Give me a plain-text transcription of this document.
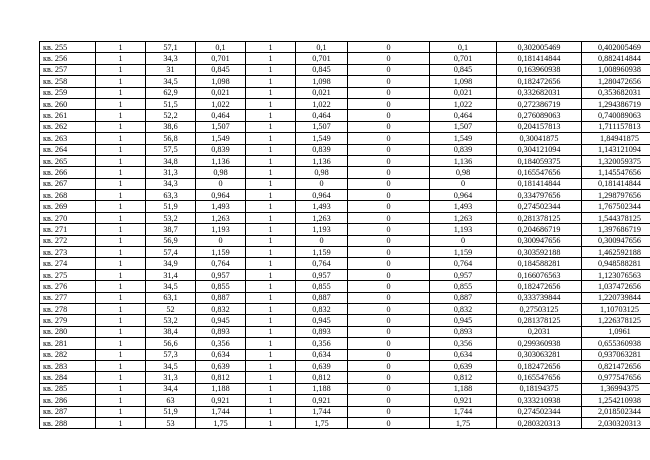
кв. 255	1	57,1	0,1	1	0,1	0	0,1	0,302005469	0,402005469
кв. 256	1	34,3	0,701	1	0,701	0	0,701	0,181414844	0,882414844
кв. 257	1	31	0,845	1	0,845	0	0,845	0,163960938	1,008960938
кв. 258	1	34,5	1,098	1	1,098	0	1,098	0,182472656	1,280472656
кв. 259	1	62,9	0,021	1	0,021	0	0,021	0,332682031	0,353682031
кв. 260	1	51,5	1,022	1	1,022	0	1,022	0,272386719	1,294386719
кв. 261	1	52,2	0,464	1	0,464	0	0,464	0,276089063	0,740089063
кв. 262	1	38,6	1,507	1	1,507	0	1,507	0,204157813	1,711157813
кв. 263	1	56,8	1,549	1	1,549	0	1,549	0,30041875	1,84941875
кв. 264	1	57,5	0,839	1	0,839	0	0,839	0,304121094	1,143121094
кв. 265	1	34,8	1,136	1	1,136	0	1,136	0,184059375	1,320059375
кв. 266	1	31,3	0,98	1	0,98	0	0,98	0,165547656	1,145547656
кв. 267	1	34,3	0	1	0	0	0	0,181414844	0,181414844
кв. 268	1	63,3	0,964	1	0,964	0	0,964	0,334797656	1,298797656
кв. 269	1	51,9	1,493	1	1,493	0	1,493	0,274502344	1,767502344
кв. 270	1	53,2	1,263	1	1,263	0	1,263	0,281378125	1,544378125
кв. 271	1	38,7	1,193	1	1,193	0	1,193	0,204686719	1,397686719
кв. 272	1	56,9	0	1	0	0	0	0,300947656	0,300947656
кв. 273	1	57,4	1,159	1	1,159	0	1,159	0,303592188	1,462592188
кв. 274	1	34,9	0,764	1	0,764	0	0,764	0,184588281	0,948588281
кв. 275	1	31,4	0,957	1	0,957	0	0,957	0,166076563	1,123076563
кв. 276	1	34,5	0,855	1	0,855	0	0,855	0,182472656	1,037472656
кв. 277	1	63,1	0,887	1	0,887	0	0,887	0,333739844	1,220739844
кв. 278	1	52	0,832	1	0,832	0	0,832	0,27503125	1,10703125
кв. 279	1	53,2	0,945	1	0,945	0	0,945	0,281378125	1,226378125
кв. 280	1	38,4	0,893	1	0,893	0	0,893	0,2031	1,0961
кв. 281	1	56,6	0,356	1	0,356	0	0,356	0,299360938	0,655360938
кв. 282	1	57,3	0,634	1	0,634	0	0,634	0,303063281	0,937063281
кв. 283	1	34,5	0,639	1	0,639	0	0,639	0,182472656	0,821472656
кв. 284	1	31,3	0,812	1	0,812	0	0,812	0,165547656	0,977547656
кв. 285	1	34,4	1,188	1	1,188	0	1,188	0,18194375	1,36994375
кв. 286	1	63	0,921	1	0,921	0	0,921	0,333210938	1,254210938
кв. 287	1	51,9	1,744	1	1,744	0	1,744	0,274502344	2,018502344
кв. 288	1	53	1,75	1	1,75	0	1,75	0,280320313	2,030320313
